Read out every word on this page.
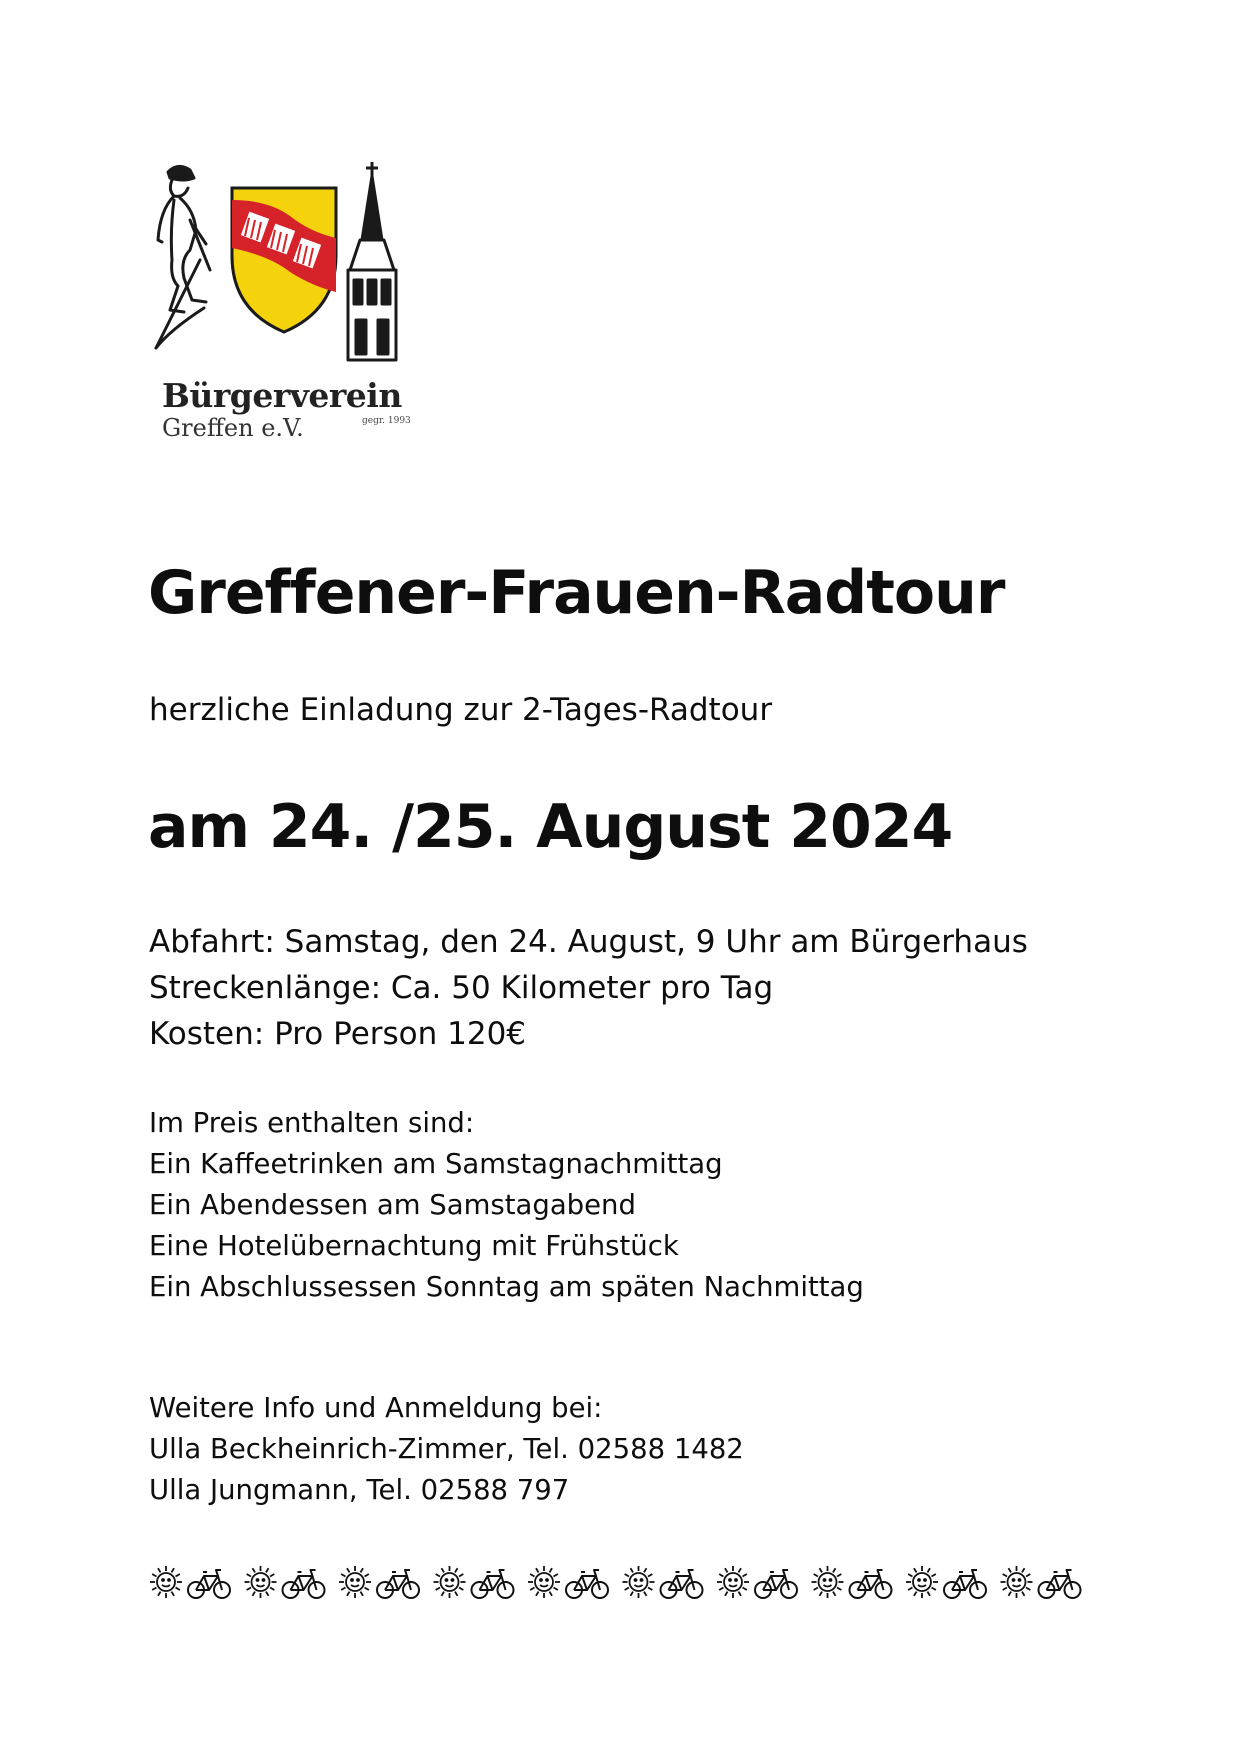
Bürgerverein

Greffen e.V.	gegr. 1993

Greffener-Frauen-Radtour

herzliche Einladung zur 2-Tages-Radtour

am 24. /25. August 2024
Abfahrt: Samstag, den 24. August, 9 Uhr am Bürgerhaus
Streckenlänge: Ca. 50 Kilometer pro Tag
Kosten: Pro Person 120€

Im Preis enthalten sind:

Ein Kaffeetrinken am Samstagnachmittag
Ein Abendessen am Samstagabend
Eine Hotelübernachtung mit Frühstück
Ein Abschlussessen Sonntag am späten Nachmittag

Weitere Info und Anmeldung bei:

Ulla Beckheinrich-Zimmer, Tel. 02588 1482
Ulla Jungmann, Tel. 02588 797
